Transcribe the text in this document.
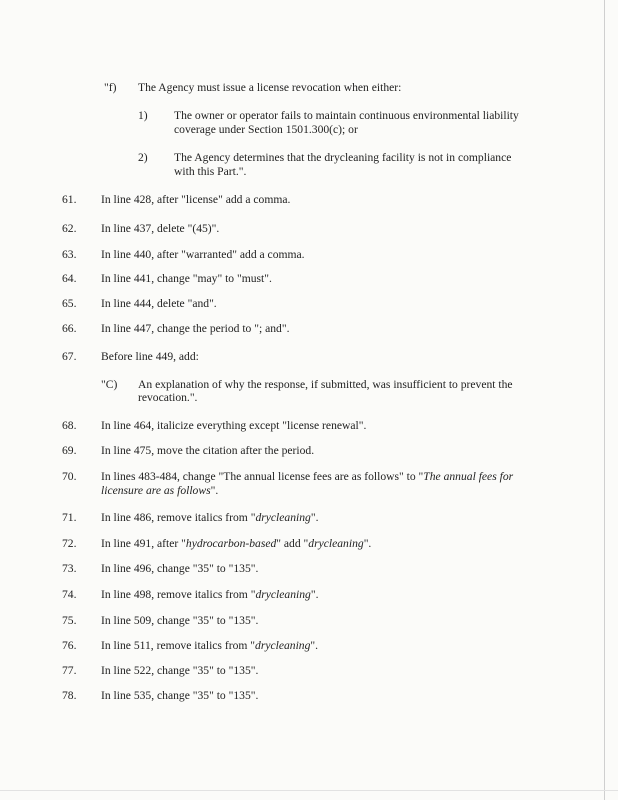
"f) The Agency must issue a license revocation when either:
1) The owner or operator fails to maintain continuous environmental liability
coverage under Section 1501.300(c); or
2) The Agency determines that the drycleaning facility is not in compliance
with this Part.".
61. In line 428, after "license" add a comma.
62. In line 437, delete "(45)".
63. In line 440, after "warranted" add a comma.
64. In line 441, change "may" to "must".
65. In line 444, delete "and".
66. In line 447, change the period to "; and".
67. Before line 449, add:
"C) An explanation of why the response, if submitted, was insufficient to prevent the
revocation.".
68. In line 464, italicize everything except "license renewal".
69. In line 475, move the citation after the period.
70. In lines 483-484, change "The annual license fees are as follows" to "The annual fees for
licensure are as follows".
71. In line 486, remove italics from "drycleaning".
72. In line 491, after "hydrocarbon-based" add "drycleaning".
73. In line 496, change "35" to "135".
74. In line 498, remove italics from "drycleaning".
75. In line 509, change "35" to "135".
76. In line 511, remove italics from "drycleaning".
77. In line 522, change "35" to "135".
78. In line 535, change "35" to "135".
